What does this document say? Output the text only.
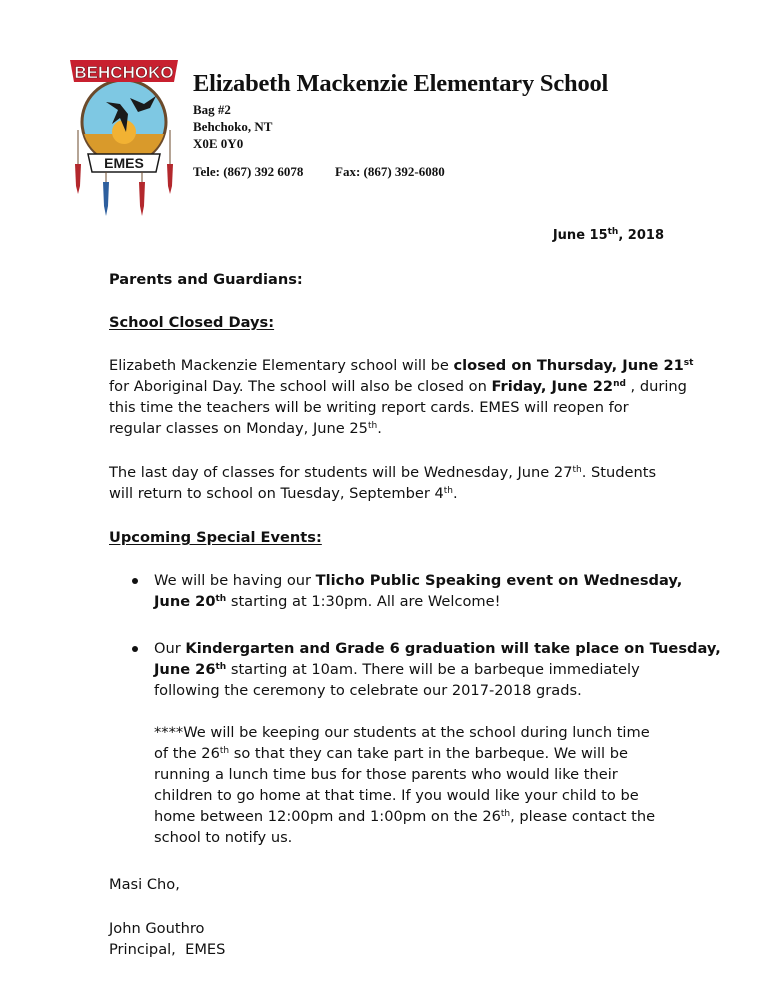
BEHCHOKO
EMES
Elizabeth Mackenzie Elementary School
Bag #2
Behchoko, NT
X0E 0Y0
Tele: (867) 392 6078 Fax: (867) 392-6080
June 15th, 2018
Parents and Guardians:
School Closed Days:
Elizabeth Mackenzie Elementary school will be closed on Thursday, June 21st
for Aboriginal Day. The school will also be closed on Friday, June 22nd , during
this time the teachers will be writing report cards. EMES will reopen for
regular classes on Monday, June 25th.
The last day of classes for students will be Wednesday, June 27th. Students
will return to school on Tuesday, September 4th.
Upcoming Special Events:
We will be having our Tlicho Public Speaking event on Wednesday,
June 20th starting at 1:30pm. All are Welcome!
Our Kindergarten and Grade 6 graduation will take place on Tuesday,
June 26th starting at 10am. There will be a barbeque immediately
following the ceremony to celebrate our 2017-2018 grads.
****We will be keeping our students at the school during lunch time
of the 26th so that they can take part in the barbeque. We will be
running a lunch time bus for those parents who would like their
children to go home at that time. If you would like your child to be
home between 12:00pm and 1:00pm on the 26th, please contact the
school to notify us.
Masi Cho,
John Gouthro
Principal,  EMES
